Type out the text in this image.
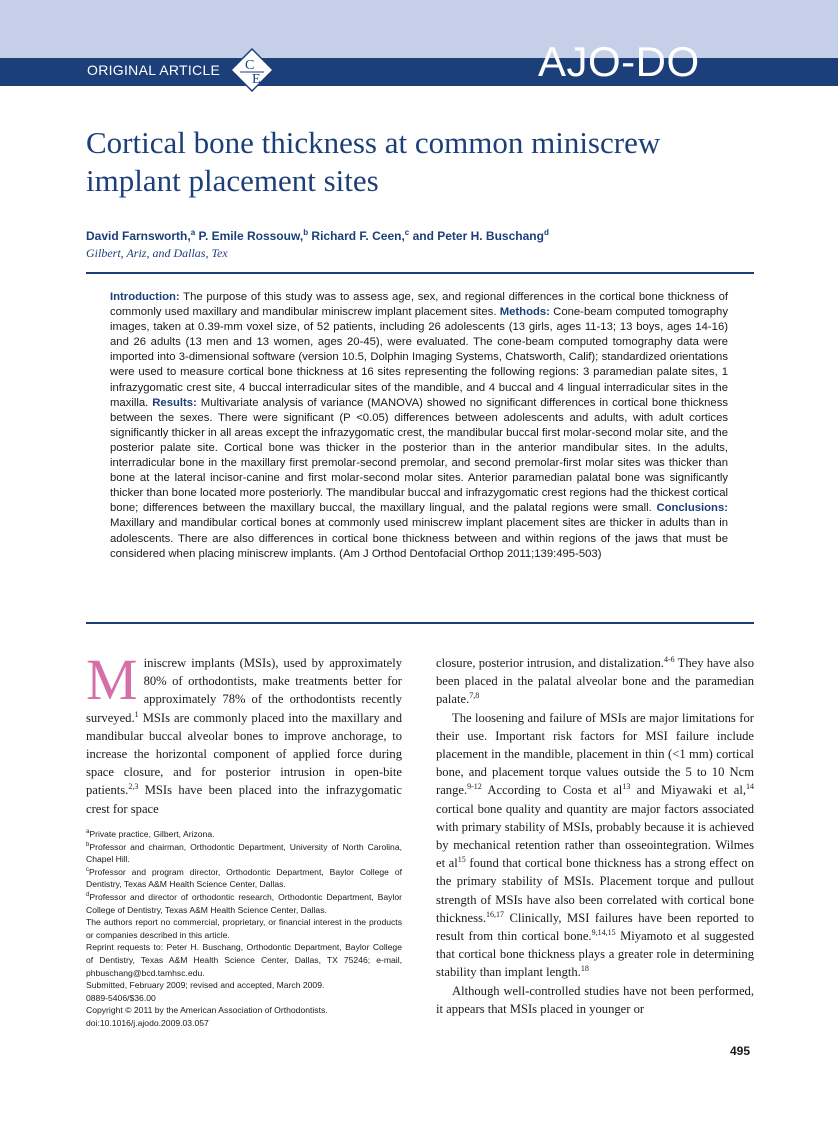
ORIGINAL ARTICLE C
E	AJO-DO
Cortical bone thickness at common miniscrew
implant placement sites
David Farnsworth,$^a$ P. Emile Rossouw,$^b$ Richard F. Ceen,$^c$ and Peter H. Buschang$^d$
Gilbert, Ariz, and Dallas, Tex
Introduction: The purpose of this study was to assess age, sex, and regional differences in the cortical bone thickness of commonly used maxillary and mandibular miniscrew implant placement sites. Methods: Cone-beam computed tomography images, taken at 0.39-mm voxel size, of 52 patients, including 26 adolescents (13 girls, ages 11-13; 13 boys, ages 14-16) and 26 adults (13 men and 13 women, ages 20-45), were evaluated. The cone-beam computed tomography data were imported into 3-dimensional software (version 10.5, Dolphin Imaging Systems, Chatsworth, Calif); standardized orientations were used to measure cortical bone thickness at 16 sites representing the following regions: 3 paramedian palate sites, 1 infrazygomatic crest site, 4 buccal interradicular sites of the mandible, and 4 buccal and 4 lingual interradicular sites in the maxilla. Results: Multivariate analysis of variance (MANOVA) showed no significant differences in cortical bone thickness between the sexes. There were significant (P <0.05) differences between adolescents and adults, with adult cortices significantly thicker in all areas except the infrazygomatic crest, the mandibular buccal first molar-second molar site, and the posterior palate site. Cortical bone was thicker in the posterior than in the anterior mandibular sites. In the adults, interradicular bone in the maxillary first premolar-second premolar, and second premolar-first molar sites was thicker than bone at the lateral incisor-canine and first molar-second molar sites. Anterior paramedian palatal bone was significantly thicker than bone located more posteriorly. The mandibular buccal and infrazygomatic crest regions had the thickest cortical bone; differences between the maxillary buccal, the maxillary lingual, and the palatal regions were small. Conclusions: Maxillary and mandibular cortical bones at commonly used miniscrew implant placement sites are thicker in adults than in adolescents. There are also differences in cortical bone thickness between and within regions of the jaws that must be considered when placing miniscrew implants. (Am J Orthod Dentofacial Orthop 2011;139:495-503)
Miniscrew implants (MSIs), used by approximately 80% of orthodontists, make treatments better for approximately 78% of the orthodontists recently surveyed.$^1$ MSIs are commonly placed into the maxillary and mandibular buccal alveolar bones to improve anchorage, to increase the horizontal component of applied force during space closure, and for posterior intrusion in open-bite patients.$^{2,3}$ MSIs have been placed into the infrazygomatic crest for space

$^a$Private practice, Gilbert, Arizona.

$^b$Professor and chairman, Orthodontic Department, University of North Carolina, Chapel Hill.

$^c$Professor and program director, Orthodontic Department, Baylor College of Dentistry, Texas A&M Health Science Center, Dallas.

$^d$Professor and director of orthodontic research, Orthodontic Department, Baylor College of Dentistry, Texas A&M Health Science Center, Dallas.

The authors report no commercial, proprietary, or financial interest in the products or companies described in this article.

Reprint requests to: Peter H. Buschang, Orthodontic Department, Baylor College of Dentistry, Texas A&M Health Science Center, Dallas, TX 75246; e-mail, phbuschang@bcd.tamhsc.edu.

Submitted, February 2009; revised and accepted, March 2009.

0889-5406/$36.00

Copyright © 2011 by the American Association of Orthodontists.

doi:10.1016/j.ajodo.2009.03.057

closure, posterior intrusion, and distalization.$^{4-6}$ They have also been placed in the palatal alveolar bone and the paramedian palate.$^{7,8}$
The loosening and failure of MSIs are major limitations for their use. Important risk factors for MSI failure include placement in the mandible, placement in thin (<1 mm) cortical bone, and placement torque values outside the 5 to 10 Ncm range.$^{9-12}$ According to Costa et $al^{13}$ and Miyawaki et al,$^{14}$ cortical bone quality and quantity are major factors associated with primary stability of MSIs, probably because it is achieved by mechanical retention rather than osseointegration. Wilmes et $al^{15}$ found that cortical bone thickness has a strong effect on the primary stability of MSIs. Placement torque and pullout strength of MSIs have also been correlated with cortical bone thickness.$^{16,17}$ Clinically, MSI failures have been reported to result from thin cortical bone.$^{9,14,15}$ Miyamoto et al suggested that cortical bone thickness plays a greater role in determining stability than implant length.$^{18}$
Although well-controlled studies have not been performed, it appears that MSIs placed in younger or
495
